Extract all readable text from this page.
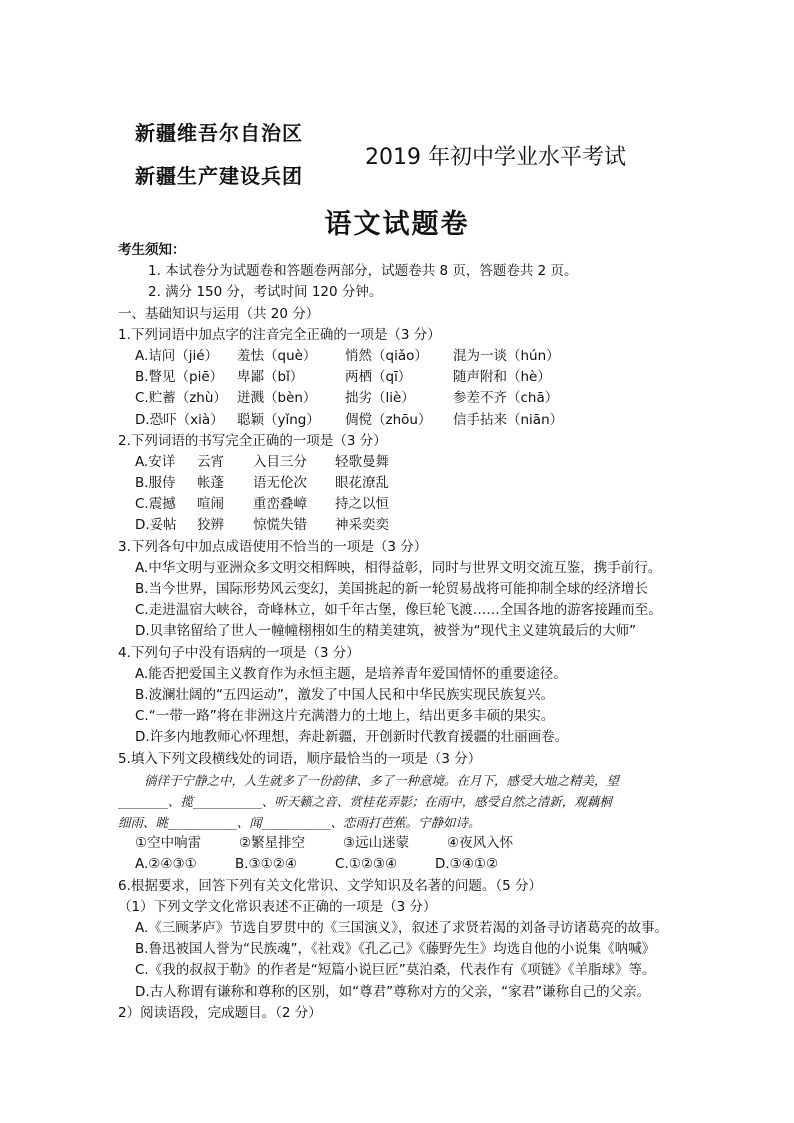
新疆维吾尔自治区
新疆生产建设兵团
2019 年初中学业水平考试
语文试题卷
考生须知：
1. 本试卷分为试题卷和答题卷两部分，试题卷共 8 页，答题卷共 2 页。
2. 满分 150 分，考试时间 120 分钟。
一、基础知识与运用（共 20 分）
1.下列词语中加点字的注音完全正确的一项是（3 分）
A.诘问（jié） 羞怯（què） 悄然（qiǎo） 混为一谈（hún）
B.瞥见（piē） 卑鄙（bǐ）	两栖（qī）	随声附和（hè）
C.贮蓄（zhù） 迸溅（bèn） 拙劣（liè）	参差不齐（chā）
D.恐吓（xià） 聪颖（yǐng） 倜傥（zhōu） 信手拈来（niān）
2.下列词语的书写完全正确的一项是（3 分）
A.安详 云宵 入目三分 轻歌曼舞
B.服侍 帐蓬 语无伦次 眼花潦乱
C.震撼 喧闹 重峦叠嶂 持之以恒
D.妥帖 狡辨 惊慌失错 神采奕奕
3.下列各句中加点成语使用不恰当的一项是（3 分）
A.中华文明与亚洲众多文明交相辉映，相得益彰，同时与世界文明交流互鉴，携手前行。
B.当今世界，国际形势风云变幻，美国挑起的新一轮贸易战将可能抑制全球的经济增长
C.走进温宿大峡谷，奇峰林立，如千年古堡，像巨轮飞渡……全国各地的游客接踵而至。
D.贝聿铭留给了世人一幢幢栩栩如生的精美建筑，被誉为“现代主义建筑最后的大师”
4.下列句子中没有语病的一项是（3 分）
A.能否把爱国主义教育作为永恒主题，是培养青年爱国情怀的重要途径。
B.波澜壮阔的“五四运动”，激发了中国人民和中华民族实现民族复兴。
C.“一带一路”将在非洲这片充满潜力的土地上，结出更多丰硕的果实。
D.许多内地教师心怀理想，奔赴新疆，开创新时代教育援疆的壮丽画卷。
5.填入下列文段横线处的词语，顺序最恰当的一项是（3 分）
徜徉于宁静之中，人生就多了一份韵律、多了一种意境。在月下，感受大地之精美，望
________、揽___________、听天籁之音、赏桂花弄影；在雨中，感受自然之清新，观藕桐
细雨、眺___________、闻___________、恋雨打芭蕉。宁静如诗。
①空中响雷	②繁星排空	③远山迷蒙	④夜风入怀
A.②④③①	B.③①②④	C.①②③④	D.③④①②
6.根据要求，回答下列有关文化常识、文学知识及名著的问题。（5 分）
（1）下列文学文化常识表述不正确的一项是（3 分）
A.《三顾茅庐》节选自罗贯中的《三国演义》，叙述了求贤若渴的刘备寻访诸葛亮的故事。
B.鲁迅被国人誉为“民族魂”，《社戏》《孔乙己》《藤野先生》均选自他的小说集《呐喊》
C.《我的叔叔于勒》的作者是“短篇小说巨匠”莫泊桑，代表作有《项链》《羊脂球》等。
D.古人称谓有谦称和尊称的区别，如“尊君”尊称对方的父亲，“家君”谦称自己的父亲。
2）阅读语段，完成题目。（2 分）
